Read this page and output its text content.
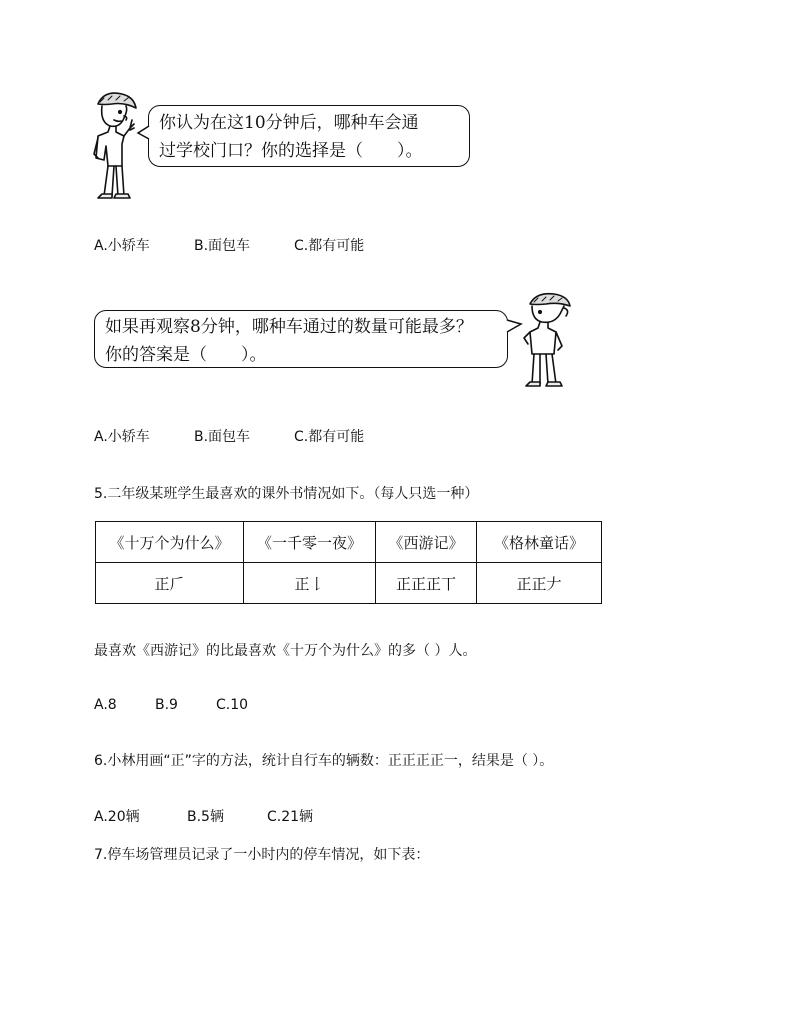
你认为在这10分钟后，哪种车会通
过学校门口？你的选择是（　　）。
A.小轿车	B.面包车	C.都有可能
如果再观察8分钟，哪种车通过的数量可能最多？
你的答案是（　　）。
A.小轿车	B.面包车	C.都有可能
5.二年级某班学生最喜欢的课外书情况如下。（每人只选一种）
《十万个为什么》	《一千零一夜》	《西游记》	《格林童话》
正𠂆	正𠄌	正正正丅	正正𠂇
最喜欢《西游记》的比最喜欢《十万个为什么》的多（ ）人。
A.8	B.9	C.10
6.小林用画“正”字的方法，统计自行车的辆数：正正正正一，结果是（ ）。
A.20辆	B.5辆	C.21辆
7.停车场管理员记录了一小时内的停车情况，如下表：
